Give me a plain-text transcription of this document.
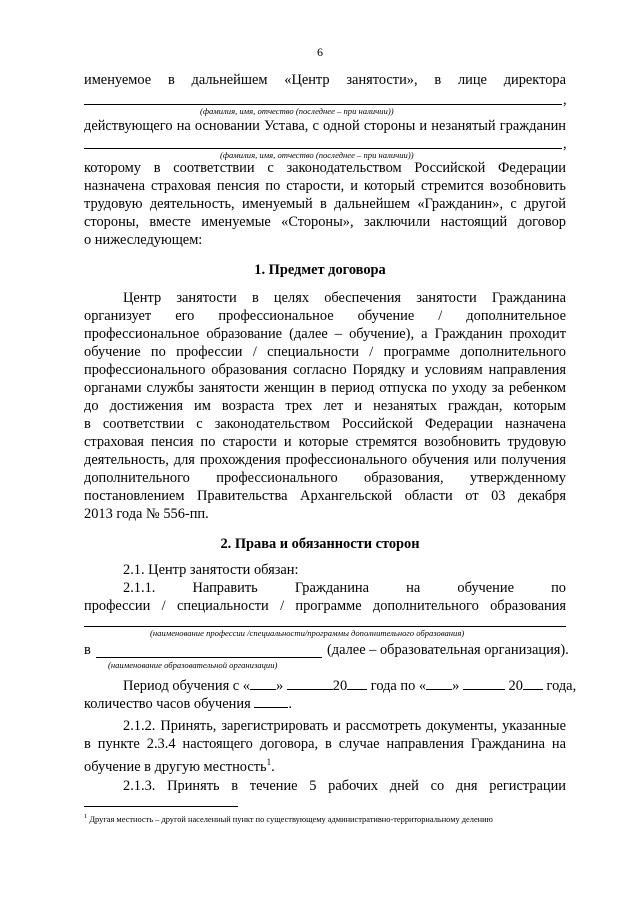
6
именуемое в дальнейшем «Центр занятости», в лице директора
,
(фамилия, имя, отчество (последнее – при наличии))
действующего на основании Устава, с одной стороны и незанятый гражданин
,
(фамилия, имя, отчество (последнее – при наличии))
которому в соответствии с законодательством Российской Федерации
назначена страховая пенсия по старости, и который стремится возобновить
трудовую деятельность, именуемый в дальнейшем «Гражданин», с другой
стороны, вместе именуемые «Стороны», заключили настоящий договор
о нижеследующем:
1. Предмет договора
Центр занятости в целях обеспечения занятости Гражданина
организует его профессиональное обучение / дополнительное
профессиональное образование (далее – обучение), а Гражданин проходит
обучение по профессии / специальности / программе дополнительного
профессионального образования согласно Порядку и условиям направления
органами службы занятости женщин в период отпуска по уходу за ребенком
до достижения им возраста трех лет и незанятых граждан, которым
в соответствии с законодательством Российской Федерации назначена
страховая пенсия по старости и которые стремятся возобновить трудовую
деятельность, для прохождения профессионального обучения или получения
дополнительного профессионального образования, утвержденному
постановлением Правительства Архангельской области от 03 декабря
2013 года № 556-пп.
2. Права и обязанности сторон
2.1. Центр занятости обязан:
2.1.1. Направить Гражданина на обучение по
профессии / специальности / программе дополнительного образования
(наименование профессии /специальности/программы дополнительного образования)
в	(далее – образовательная организация).
(наименование образовательной организации)
Период обучения с « »	20 года по « »	20 года,
количество часов обучения	.
2.1.2. Принять, зарегистрировать и рассмотреть документы, указанные
в пункте 2.3.4 настоящего договора, в случае направления Гражданина на
обучение в другую местность$^1$.
2.1.3. Принять в течение 5 рабочих дней со дня регистрации
$^1$ Другая местность – другой населенный пункт по существующему административно-территориальному делению
